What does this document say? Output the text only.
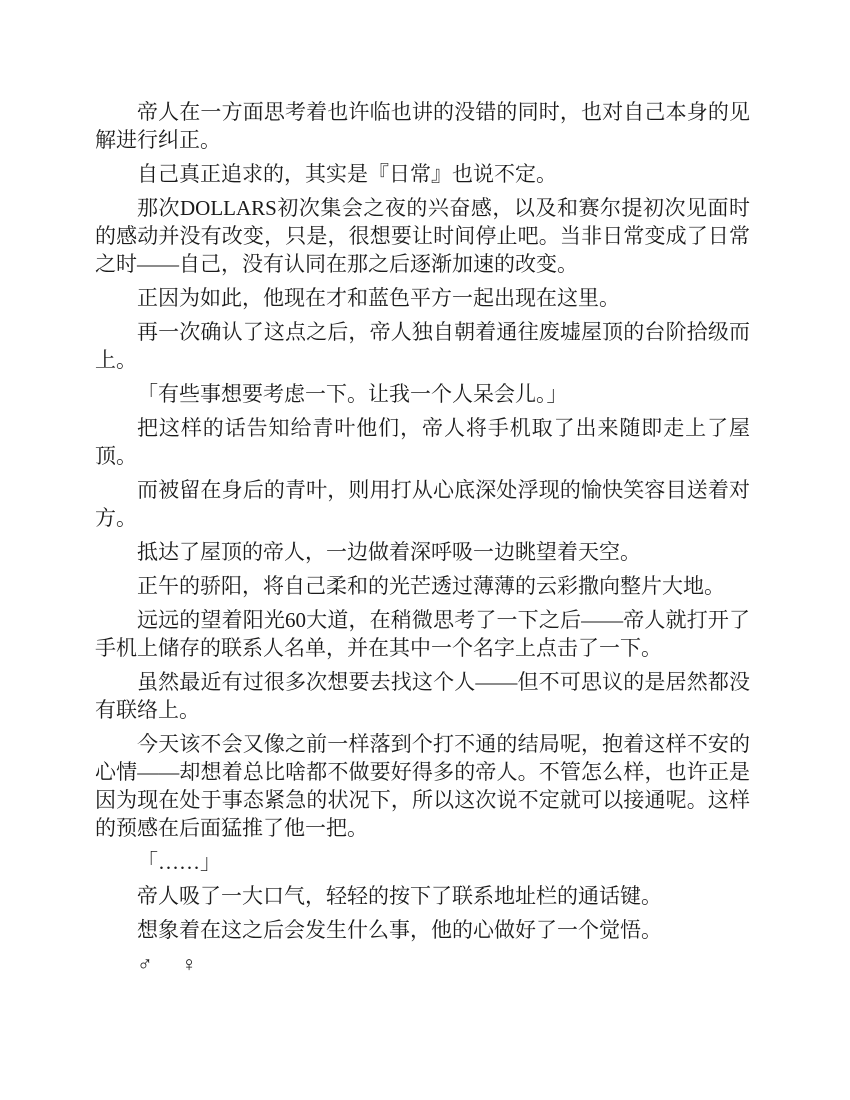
帝人在一方面思考着也许临也讲的没错的同时，也对自己本身的见解进行纠正。

自己真正追求的，其实是『日常』也说不定。

那次DOLLARS初次集会之夜的兴奋感，以及和赛尔提初次见面时的感动并没有改变，只是，很想要让时间停止吧。当非日常变成了日常之时——自己，没有认同在那之后逐渐加速的改变。

正因为如此，他现在才和蓝色平方一起出现在这里。

再一次确认了这点之后，帝人独自朝着通往废墟屋顶的台阶拾级而上。

「有些事想要考虑一下。让我一个人呆会儿。」

把这样的话告知给青叶他们，帝人将手机取了出来随即走上了屋顶。

而被留在身后的青叶，则用打从心底深处浮现的愉快笑容目送着对方。

抵达了屋顶的帝人，一边做着深呼吸一边眺望着天空。

正午的骄阳，将自己柔和的光芒透过薄薄的云彩撒向整片大地。

远远的望着阳光60大道，在稍微思考了一下之后——帝人就打开了手机上储存的联系人名单，并在其中一个名字上点击了一下。

虽然最近有过很多次想要去找这个人——但不可思议的是居然都没有联络上。

今天该不会又像之前一样落到个打不通的结局呢，抱着这样不安的心情——却想着总比啥都不做要好得多的帝人。不管怎么样，也许正是因为现在处于事态紧急的状况下，所以这次说不定就可以接通呢。这样的预感在后面猛推了他一把。

「……」

帝人吸了一大口气，轻轻的按下了联系地址栏的通话键。

想象着在这之后会发生什么事，他的心做好了一个觉悟。

♂ ♀
